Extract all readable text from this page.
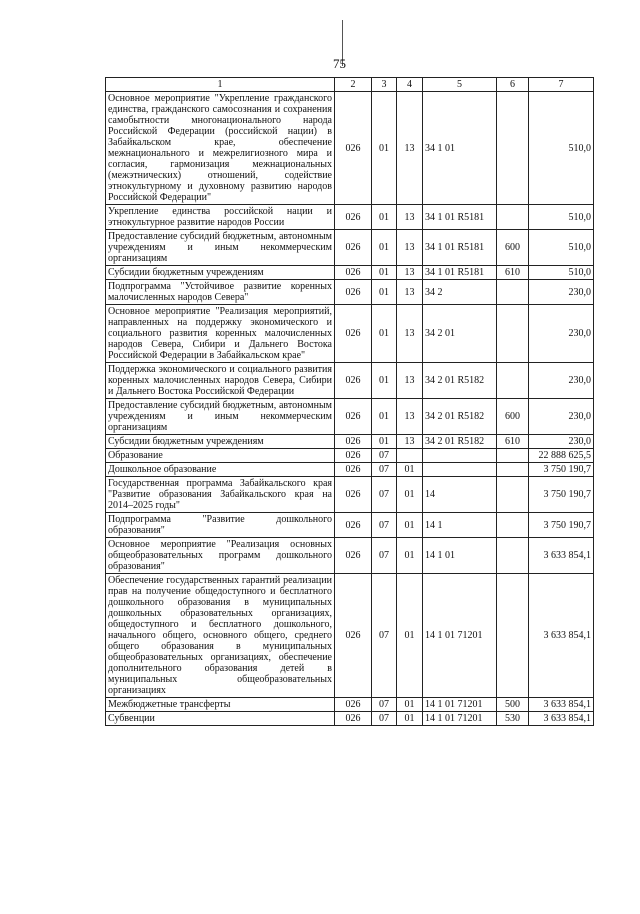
75
1	2	3	4	5	6	7
Основное мероприятие "Укрепление гражданского единства, гражданского самосознания и сохранения самобытности многонационального народа Российской Федерации (российской нации) в Забайкальском крае, обеспечение межнационального и межрелигиозного мира и согласия, гармонизация межнациональных (межэтнических) отношений, содействие этнокультурному и духовному развитию народов Российской Федерации"	026	01	13	34 1 01		510,0
Укрепление единства российской нации и этнокультурное развитие народов России	026	01	13	34 1 01 R5181		510,0
Предоставление субсидий бюджетным, автономным учреждениям и иным некоммерческим организациям	026	01	13	34 1 01 R5181	600	510,0
Субсидии бюджетным учреждениям	026	01	13	34 1 01 R5181	610	510,0
Подпрограмма "Устойчивое развитие коренных малочисленных народов Севера"	026	01	13	34 2		230,0
Основное мероприятие "Реализация мероприятий, направленных на поддержку экономического и социального развития коренных малочисленных народов Севера, Сибири и Дальнего Востока Российской Федерации в Забайкальском крае"	026	01	13	34 2 01		230,0
Поддержка экономического и социального развития коренных малочисленных народов Севера, Сибири и Дальнего Востока Российской Федерации	026	01	13	34 2 01 R5182		230,0
Предоставление субсидий бюджетным, автономным учреждениям и иным некоммерческим организациям	026	01	13	34 2 01 R5182	600	230,0
Субсидии бюджетным учреждениям	026	01	13	34 2 01 R5182	610	230,0
Образование	026	07				22 888 625,5
Дошкольное образование	026	07	01			3 750 190,7
Государственная программа Забайкальского края "Развитие образования Забайкальского края на 2014–2025 годы"	026	07	01	14		3 750 190,7
Подпрограмма "Развитие дошкольного образования"	026	07	01	14 1		3 750 190,7
Основное мероприятие "Реализация основных общеобразовательных программ дошкольного образования"	026	07	01	14 1 01		3 633 854,1
Обеспечение государственных гарантий реализации прав на получение общедоступного и бесплатного дошкольного образования в муниципальных дошкольных образовательных организациях, общедоступного и бесплатного дошкольного, начального общего, основного общего, среднего общего образования в муниципальных общеобразовательных организациях, обеспечение дополнительного образования детей в муниципальных общеобразовательных организациях	026	07	01	14 1 01 71201		3 633 854,1
Межбюджетные трансферты	026	07	01	14 1 01 71201	500	3 633 854,1
Субвенции	026	07	01	14 1 01 71201	530	3 633 854,1
